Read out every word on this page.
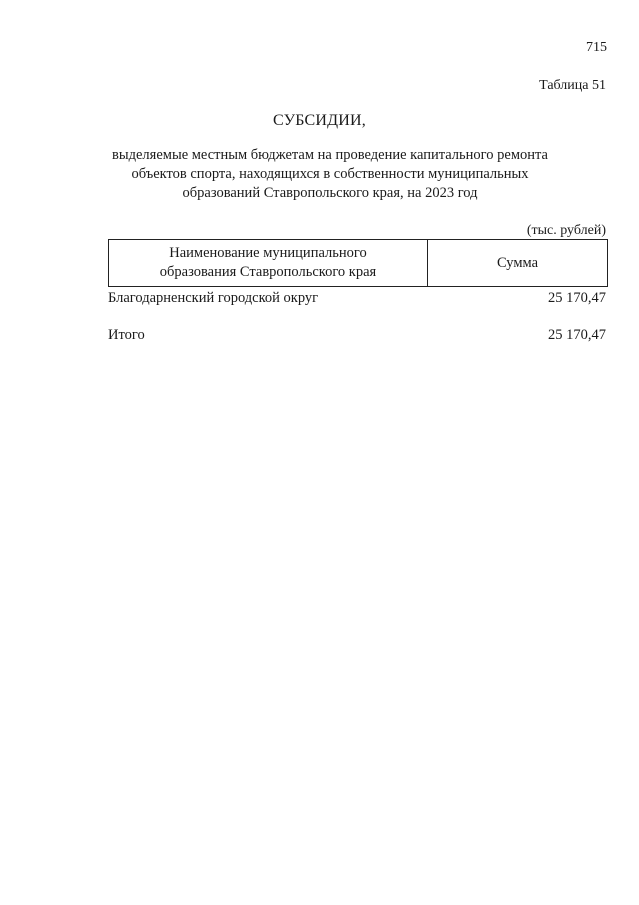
715
Таблица 51
СУБСИДИИ,
выделяемые местным бюджетам на проведение капитального ремонта
объектов спорта, находящихся в собственности муниципальных
образований Ставропольского края, на 2023 год
(тыс. рублей)
Наименование муниципального
образования Ставропольского края
Сумма
Благодарненский городской округ	25 170,47
Итого	25 170,47
